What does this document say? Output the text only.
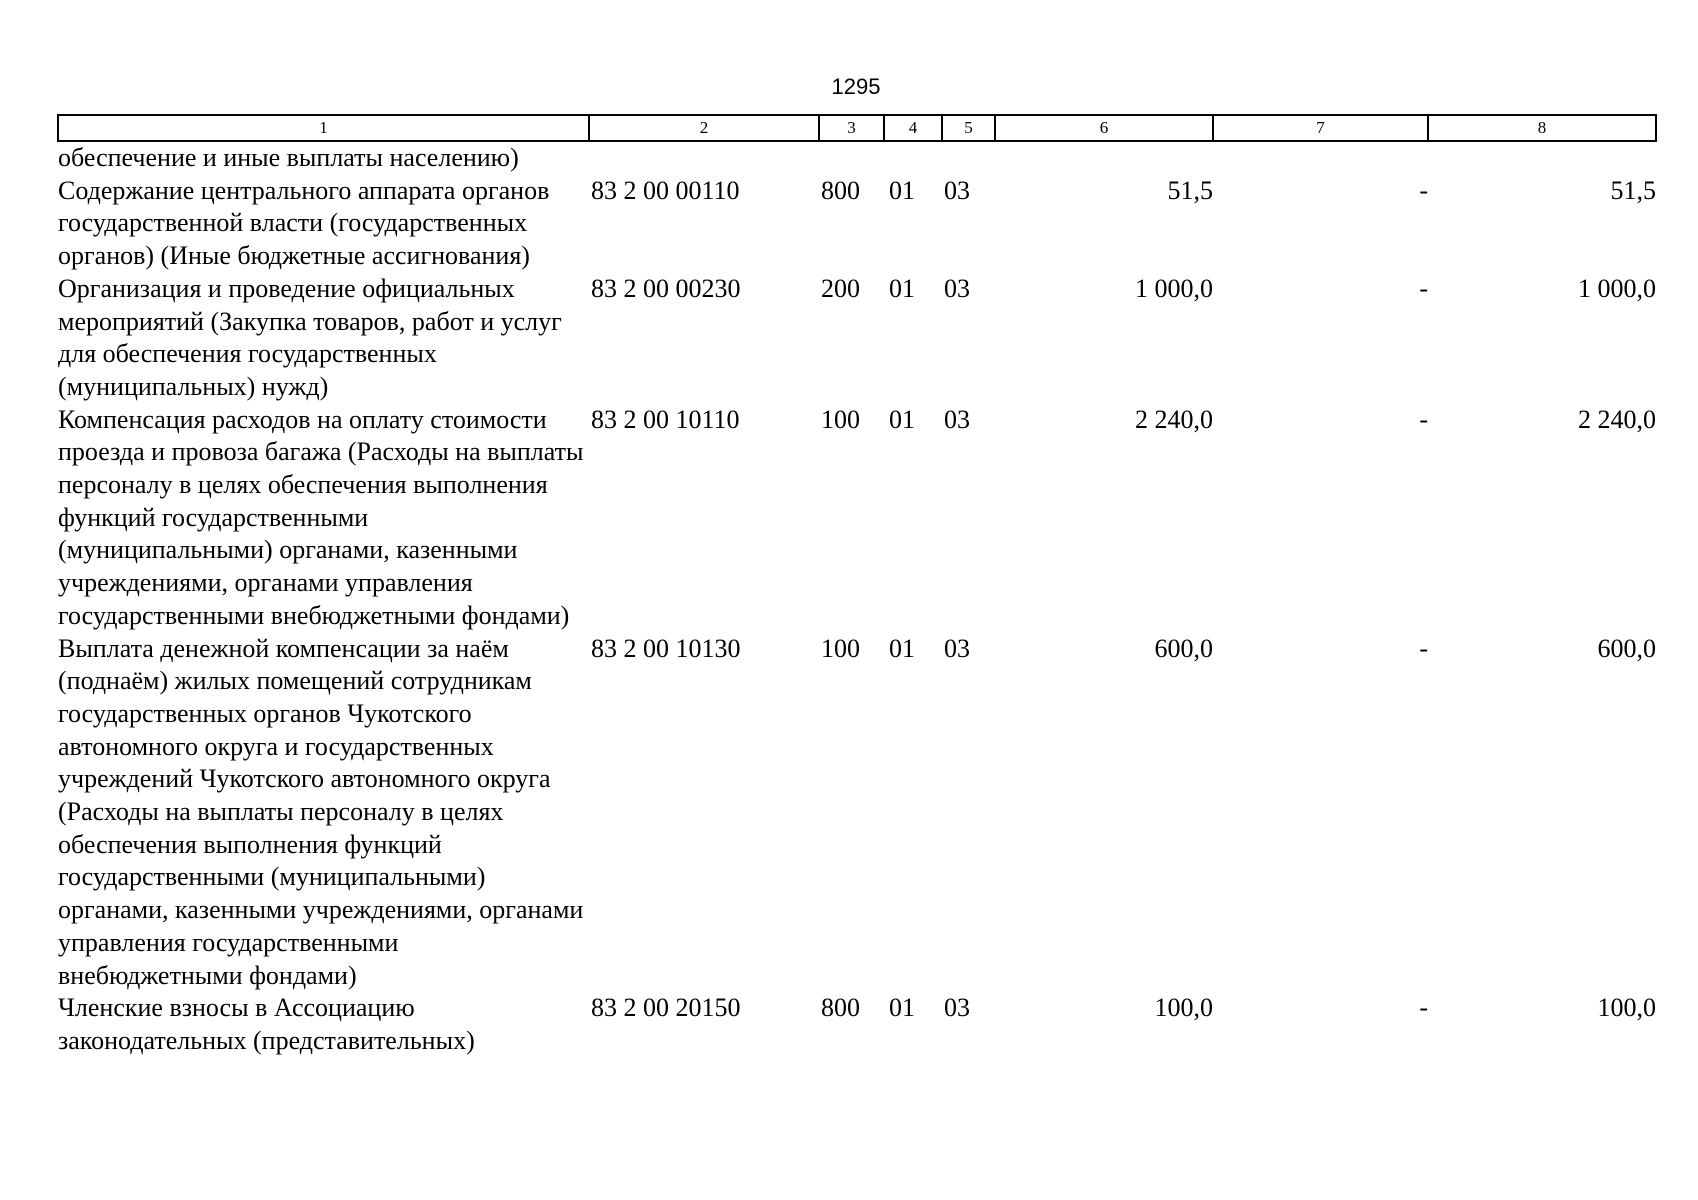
1295
1	2	3	4	5	6	7	8
обеспечение и иные выплаты населению)							
Содержание центрального аппарата органов государственной власти (государственных органов) (Иные бюджетные ассигнования)	83 2 00 00110	800	01	03	51,5	-	51,5
Организация и проведение официальных мероприятий (Закупка товаров, работ и услуг для обеспечения государственных (муниципальных) нужд)	83 2 00 00230	200	01	03	1 000,0	-	1 000,0
Компенсация расходов на оплату стоимости проезда и провоза багажа (Расходы на выплаты персоналу в целях обеспечения выполнения функций государственными (муниципальными) органами, казенными учреждениями, органами управления государственными внебюджетными фондами)	83 2 00 10110	100	01	03	2 240,0	-	2 240,0
Выплата денежной компенсации за наём (поднаём) жилых помещений сотрудникам государственных органов Чукотского автономного округа и государственных учреждений Чукотского автономного округа (Расходы на выплаты персоналу в целях обеспечения выполнения функций государственными (муниципальными) органами, казенными учреждениями, органами управления государственными внебюджетными фондами)	83 2 00 10130	100	01	03	600,0	-	600,0
Членские взносы в Ассоциацию законодательных (представительных)	83 2 00 20150	800	01	03	100,0	-	100,0
